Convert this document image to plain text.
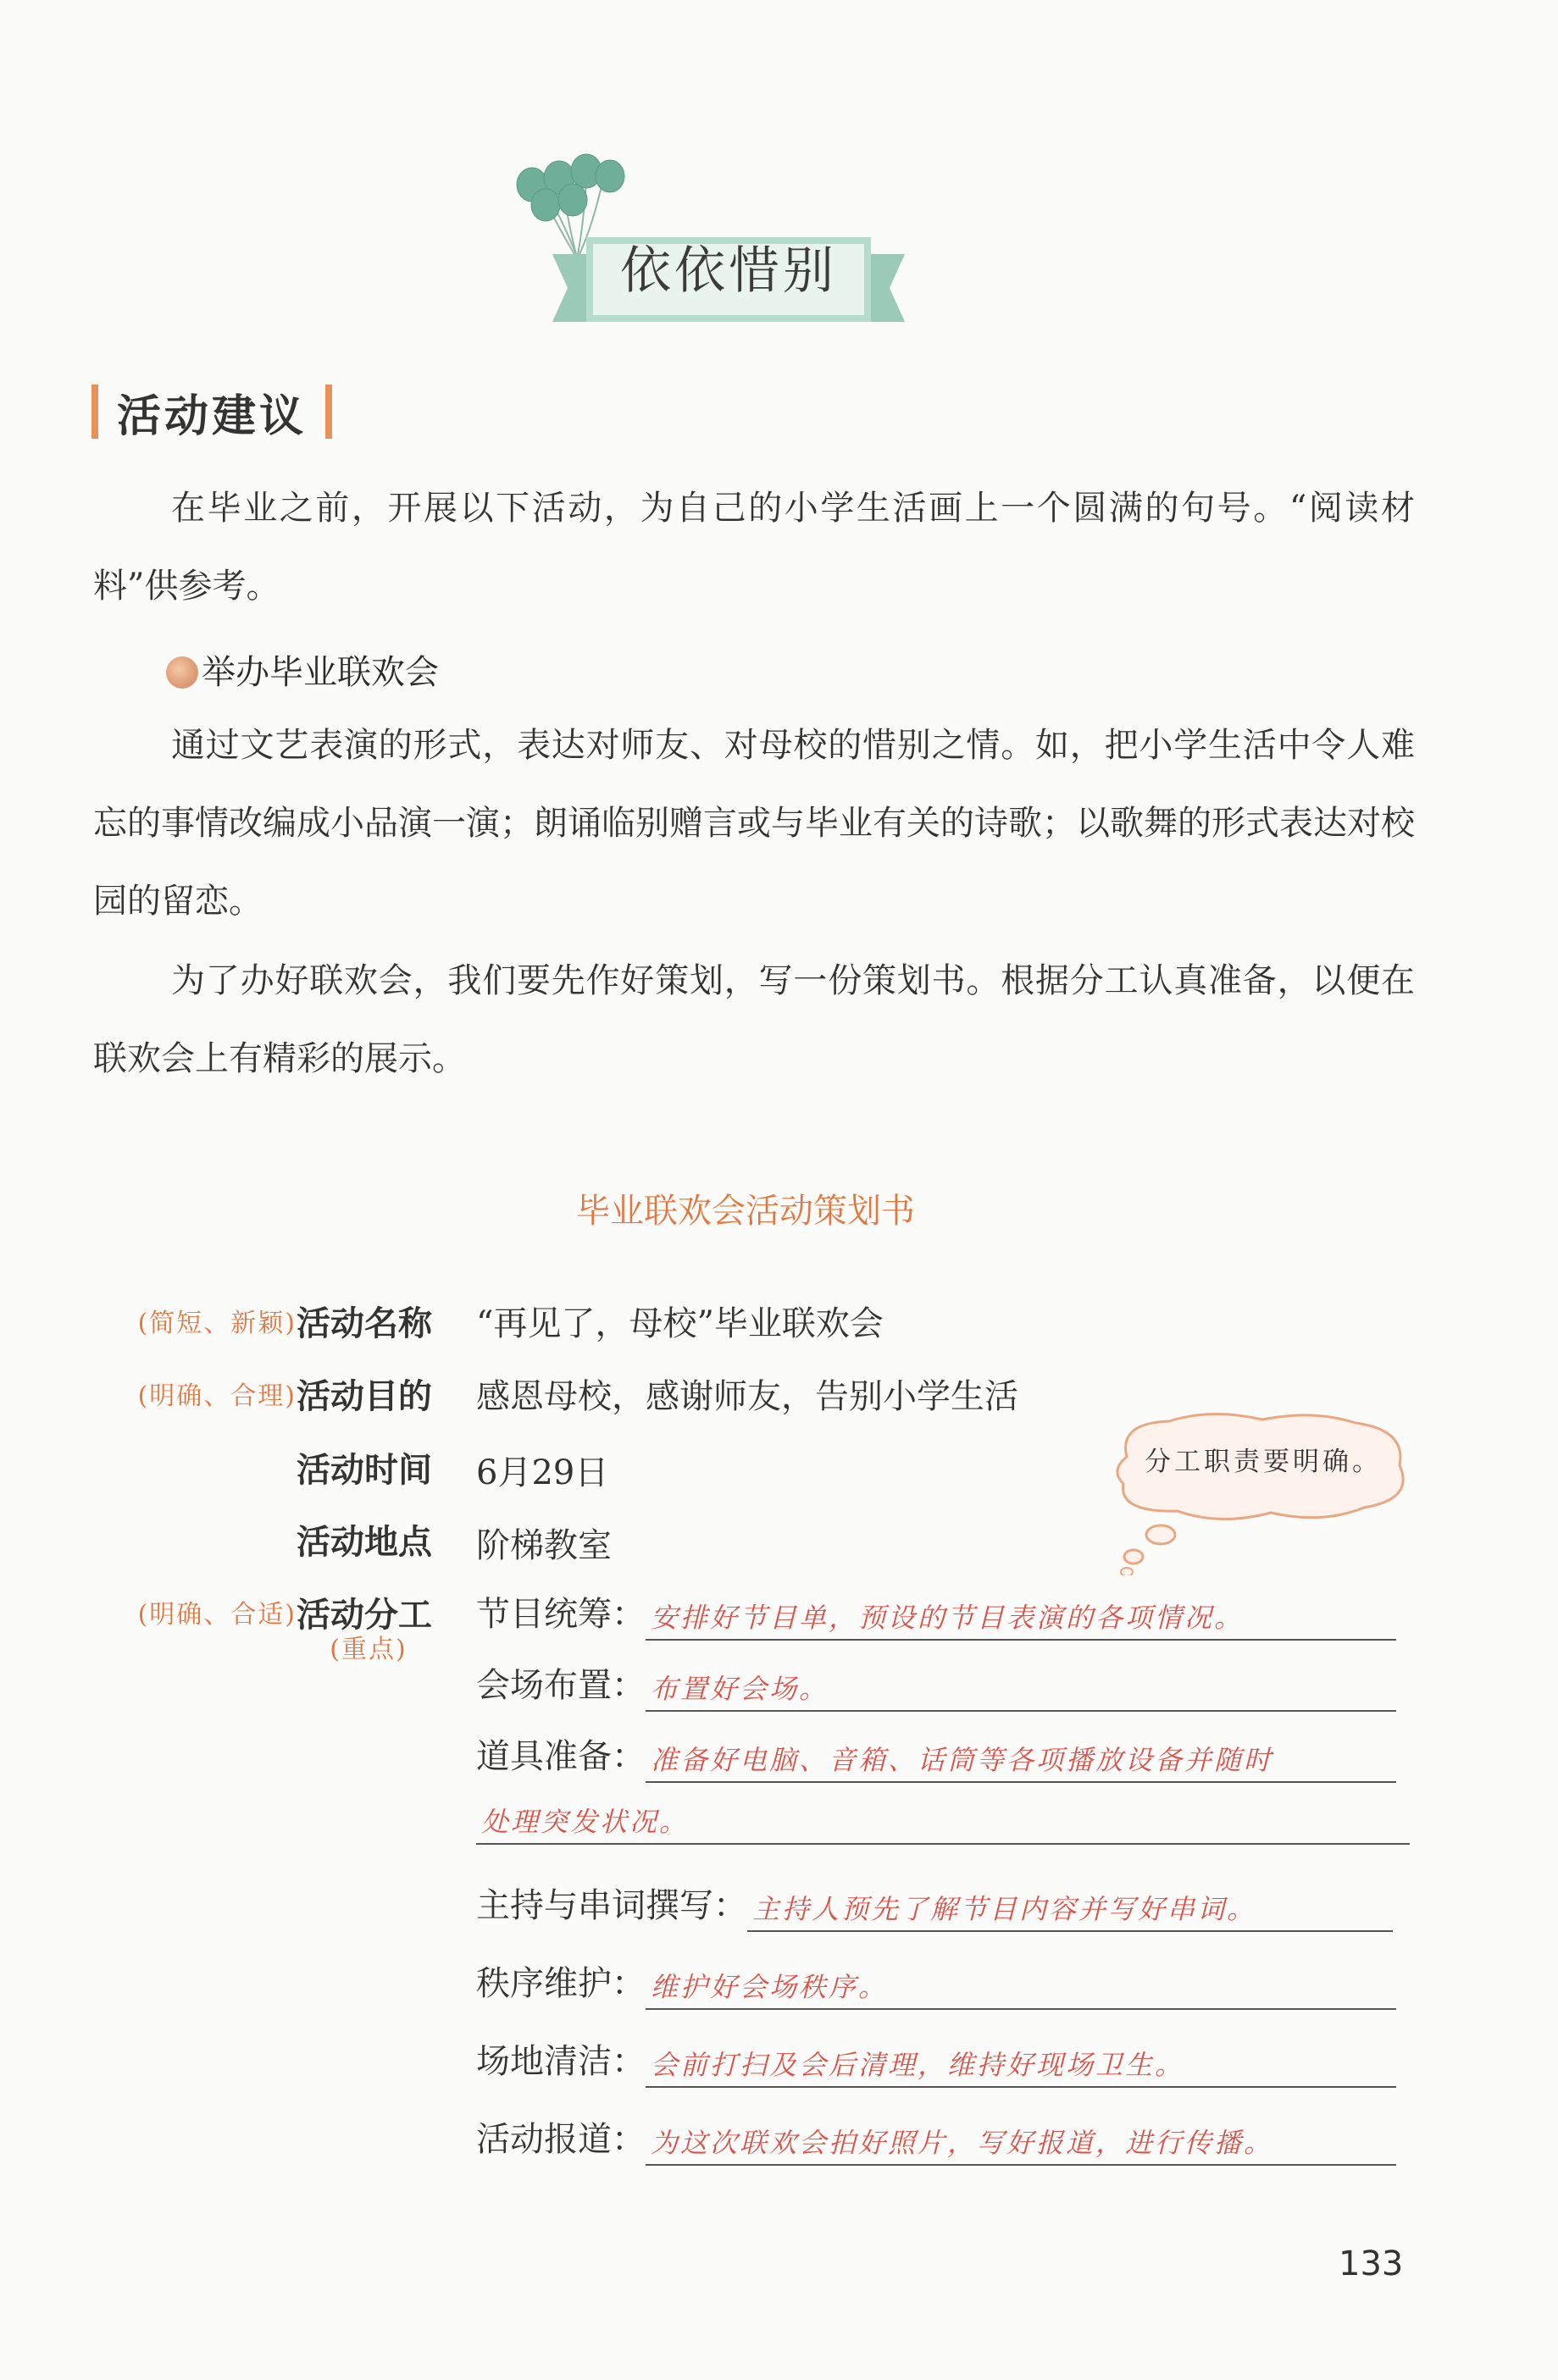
依依惜别
活动建议
在毕业之前，开展以下活动，为自己的小学生活画上一个圆满的句号。“阅读材料”供参考。
举办毕业联欢会
通过文艺表演的形式，表达对师友、对母校的惜别之情。如，把小学生活中令人难忘的事情改编成小品演一演；朗诵临别赠言或与毕业有关的诗歌；以歌舞的形式表达对校园的留恋。
为了办好联欢会，我们要先作好策划，写一份策划书。根据分工认真准备，以便在联欢会上有精彩的展示。
毕业联欢会活动策划书
(简短、新颖) 活动名称 “再见了，母校”毕业联欢会
(明确、合理) 活动目的 感恩母校，感谢师友，告别小学生活
活动时间 6月29日
活动地点 阶梯教室
(明确、合适) 活动分工
(重点)
分工职责要明确。
节目统筹： 安排好节目单，预设的节目表演的各项情况。
会场布置： 布置好会场。
道具准备： 准备好电脑、音箱、话筒等各项播放设备并随时
处理突发状况。
主持与串词撰写： 主持人预先了解节目内容并写好串词。
秩序维护： 维护好会场秩序。
场地清洁： 会前打扫及会后清理，维持好现场卫生。
活动报道： 为这次联欢会拍好照片，写好报道，进行传播。
133
